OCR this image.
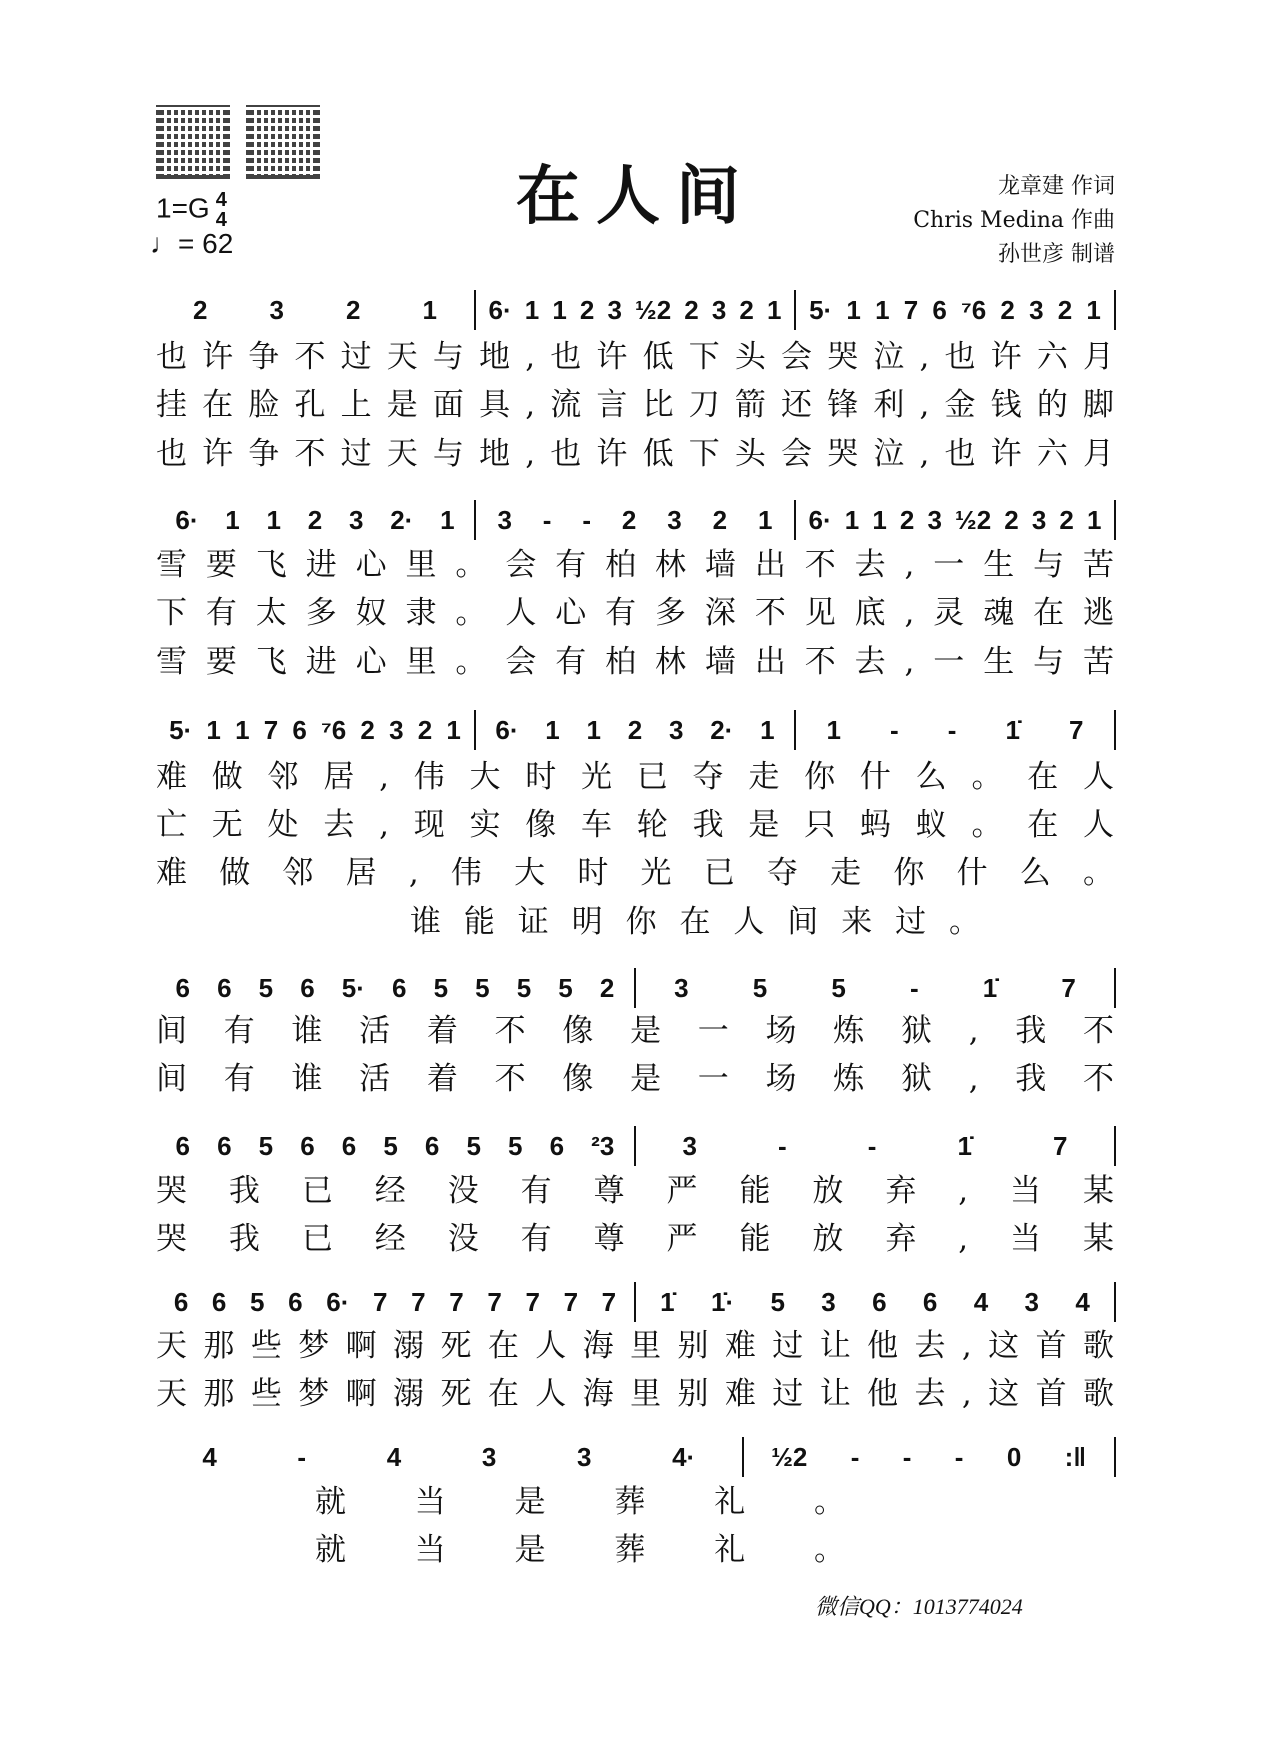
在人间
1=G 4
4
♩= 62
龙章建 作词
Chris Medina 作曲
孙世彦 制谱
2 3 2 1 6· 1 1 2 3 ½2 2 3 2 1 5· 1 1 7 6 ⁷6 2 3 2 1
也许争不过天与地,也许低下头会哭泣,也许六月
挂在脸孔上是面具,流言比刀箭还锋利,金钱的脚
也许争不过天与地,也许低下头会哭泣,也许六月
6· 1 1 2 3 2· 1 3 - - 2 3 2 1 6· 1 1 2 3 ½2 2 3 2 1
雪要飞进心里。会有柏林墙出不去,一生与苦
下有太多奴隶。人心有多深不见底,灵魂在逃
雪要飞进心里。会有柏林墙出不去,一生与苦
5· 1 1 7 6 ⁷6 2 3 2 1 6· 1 1 2 3 2· 1 1 - - 1̇ 7
难做邻居,伟大时光已夺走你什么。在人
亡无处去,现实像车轮我是只蚂蚁。在人
难做邻居,伟大时光已夺走你什么。
谁能证明你在人间来过。
6 6 5 6 5· 6 5 5 5 5 2 3 5 5 - 1̇ 7
间有谁活着不像是一场炼狱,我不
间有谁活着不像是一场炼狱,我不
6 6 5 6 6 5 6 5 5 6 ²3	3	-	-	1̇	7
哭我已经没有尊严能放弃,当某
哭我已经没有尊严能放弃,当某
6 6 5 6 6· 7 7 7 7 7 7 7 1̇ 1̇· 5 3 6 6 4 3 4
天那些梦啊溺死在人海里别难过让他去,这首歌
天那些梦啊溺死在人海里别难过让他去,这首歌
4	-	4	3	3	4·	½2 - - - 0 :‖
就当是葬礼。
就当是葬礼。
微信QQ：1013774024
